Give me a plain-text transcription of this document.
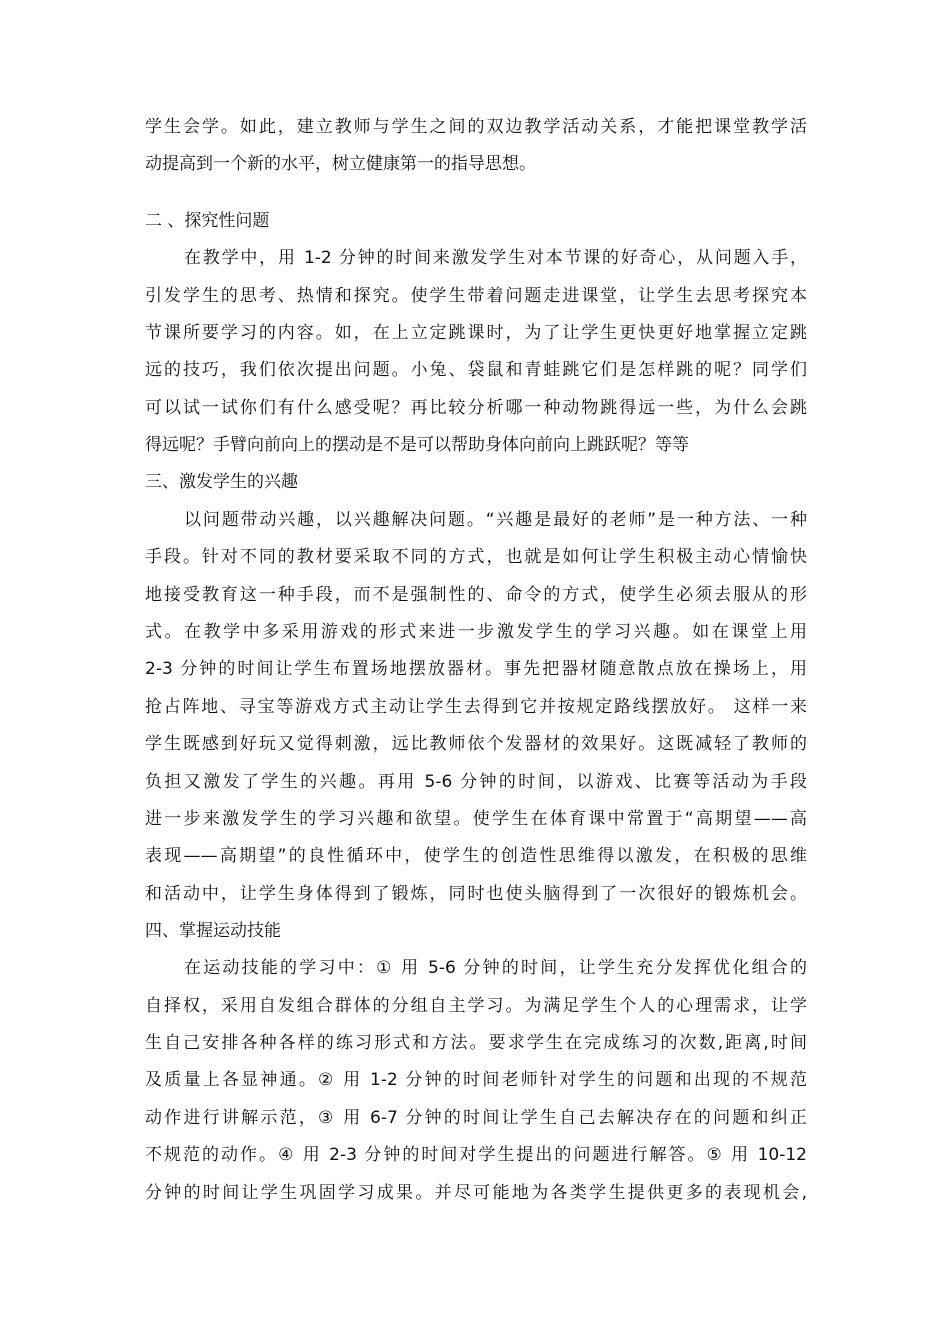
学生会学。如此，建立教师与学生之间的双边教学活动关系，才能把课堂教学活
动提高到一个新的水平，树立健康第一的指导思想。
二 、探究性问题
在教学中，用 1-2 分钟的时间来激发学生对本节课的好奇心，从问题入手，
引发学生的思考、热情和探究。使学生带着问题走进课堂，让学生去思考探究本
节课所要学习的内容。如，在上立定跳课时，为了让学生更快更好地掌握立定跳
远的技巧，我们依次提出问题。小兔、袋鼠和青蛙跳它们是怎样跳的呢？同学们
可以试一试你们有什么感受呢？再比较分析哪一种动物跳得远一些，为什么会跳
得远呢？手臂向前向上的摆动是不是可以帮助身体向前向上跳跃呢？等等
三、激发学生的兴趣
以问题带动兴趣，以兴趣解决问题。“兴趣是最好的老师”是一种方法、一种
手段。针对不同的教材要采取不同的方式，也就是如何让学生积极主动心情愉快
地接受教育这一种手段，而不是强制性的、命令的方式，使学生必须去服从的形
式。在教学中多采用游戏的形式来进一步激发学生的学习兴趣。如在课堂上用
2-3 分钟的时间让学生布置场地摆放器材。事先把器材随意散点放在操场上，用
抢占阵地、寻宝等游戏方式主动让学生去得到它并按规定路线摆放好。 这样一来
学生既感到好玩又觉得刺激，远比教师依个发器材的效果好。这既减轻了教师的
负担又激发了学生的兴趣。再用 5-6 分钟的时间，以游戏、比赛等活动为手段
进一步来激发学生的学习兴趣和欲望。使学生在体育课中常置于“高期望——高
表现——高期望”的良性循环中，使学生的创造性思维得以激发，在积极的思维
和活动中，让学生身体得到了锻炼，同时也使头脑得到了一次很好的锻炼机会。
四、掌握运动技能
在运动技能的学习中：① 用 5-6 分钟的时间，让学生充分发挥优化组合的
自择权，采用自发组合群体的分组自主学习。为满足学生个人的心理需求，让学
生自己安排各种各样的练习形式和方法。要求学生在完成练习的次数,距离,时间
及质量上各显神通。② 用 1-2 分钟的时间老师针对学生的问题和出现的不规范
动作进行讲解示范，③ 用 6-7 分钟的时间让学生自己去解决存在的问题和纠正
不规范的动作。④ 用 2-3 分钟的时间对学生提出的问题进行解答。⑤ 用 10-12
分钟的时间让学生巩固学习成果。并尽可能地为各类学生提供更多的表现机会,
